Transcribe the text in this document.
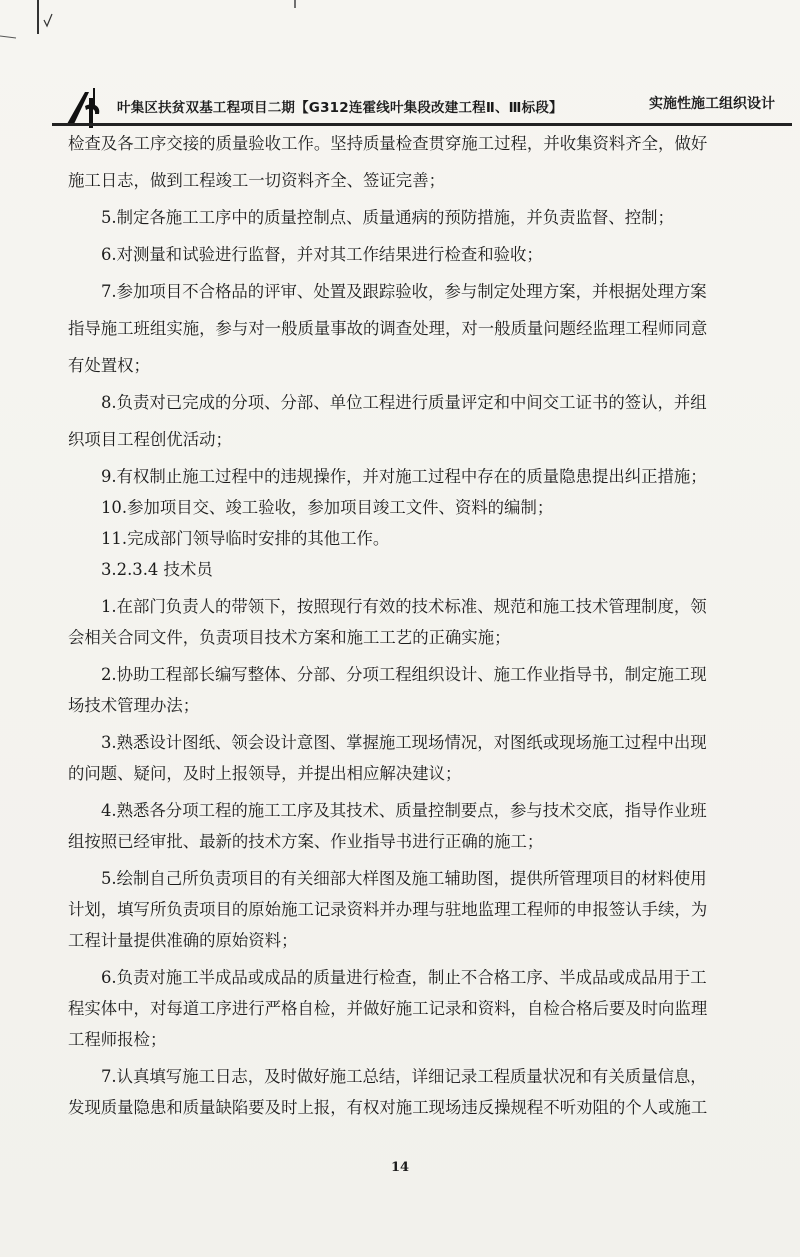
叶集区扶贫双基工程项目二期【G312连霍线叶集段改建工程Ⅱ、Ⅲ标段】	实施性施工组织设计

检查及各工序交接的质量验收工作。坚持质量检查贯穿施工过程，并收集资料齐全，做好

施工日志，做到工程竣工一切资料齐全、签证完善；

5.制定各施工工序中的质量控制点、质量通病的预防措施，并负责监督、控制；

6.对测量和试验进行监督，并对其工作结果进行检查和验收；

7.参加项目不合格品的评审、处置及跟踪验收，参与制定处理方案，并根据处理方案

指导施工班组实施，参与对一般质量事故的调查处理，对一般质量问题经监理工程师同意

有处置权；

8.负责对已完成的分项、分部、单位工程进行质量评定和中间交工证书的签认，并组

织项目工程创优活动；

9.有权制止施工过程中的违规操作，并对施工过程中存在的质量隐患提出纠正措施；

10.参加项目交、竣工验收，参加项目竣工文件、资料的编制；

11.完成部门领导临时安排的其他工作。

3.2.3.4 技术员

1.在部门负责人的带领下，按照现行有效的技术标准、规范和施工技术管理制度，领

会相关合同文件，负责项目技术方案和施工工艺的正确实施；

2.协助工程部长编写整体、分部、分项工程组织设计、施工作业指导书，制定施工现

场技术管理办法；

3.熟悉设计图纸、领会设计意图、掌握施工现场情况，对图纸或现场施工过程中出现

的问题、疑问，及时上报领导，并提出相应解决建议；

4.熟悉各分项工程的施工工序及其技术、质量控制要点，参与技术交底，指导作业班

组按照已经审批、最新的技术方案、作业指导书进行正确的施工；

5.绘制自己所负责项目的有关细部大样图及施工辅助图，提供所管理项目的材料使用

计划，填写所负责项目的原始施工记录资料并办理与驻地监理工程师的申报签认手续，为

工程计量提供准确的原始资料；

6.负责对施工半成品或成品的质量进行检查，制止不合格工序、半成品或成品用于工

程实体中，对每道工序进行严格自检，并做好施工记录和资料，自检合格后要及时向监理

工程师报检；

7.认真填写施工日志，及时做好施工总结，详细记录工程质量状况和有关质量信息，

发现质量隐患和质量缺陷要及时上报，有权对施工现场违反操规程不听劝阻的个人或施工

14
